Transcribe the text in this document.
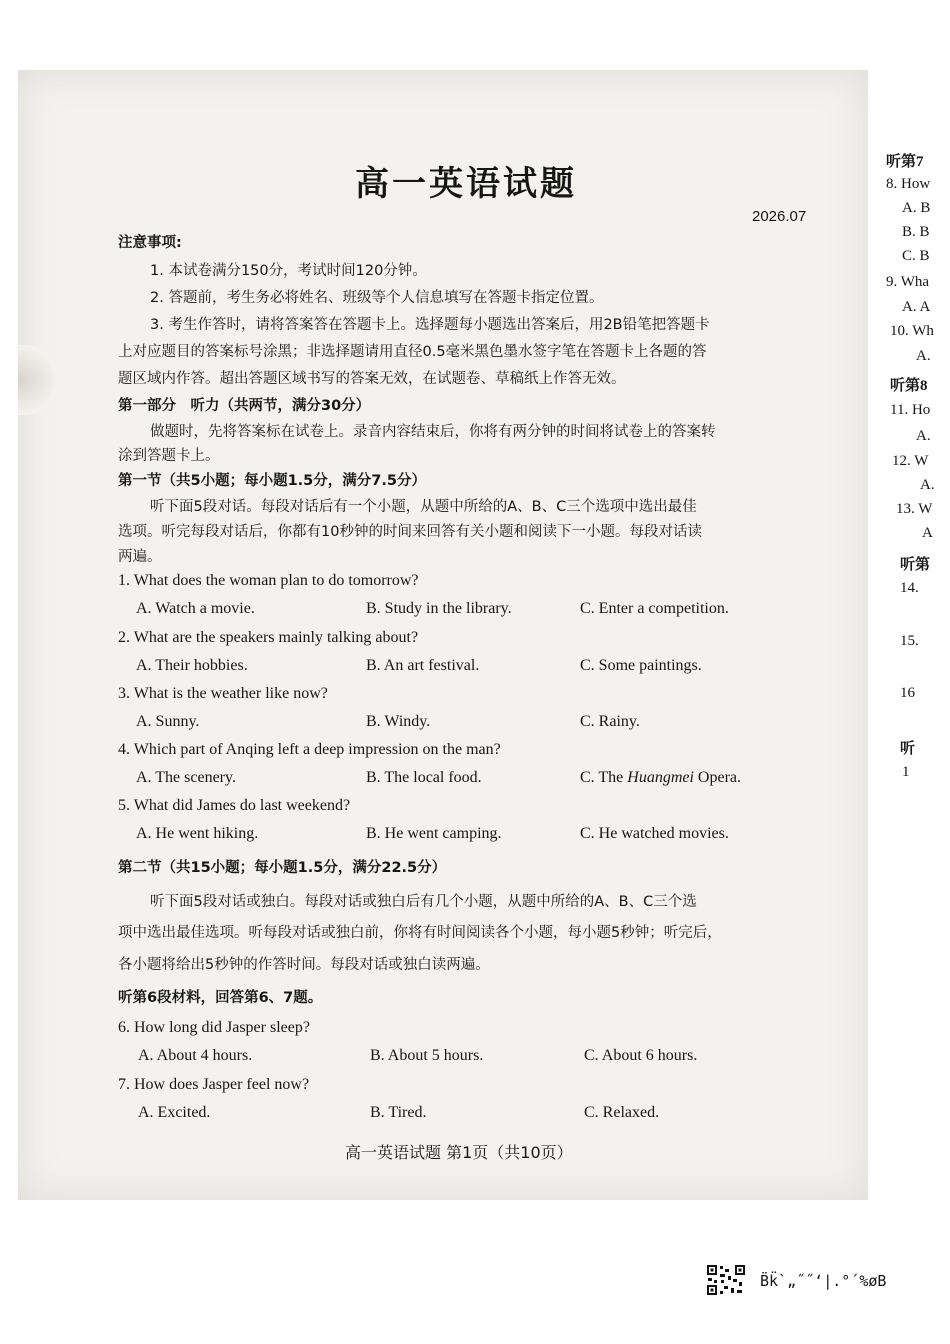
高一英语试题
2026.07
注意事项:
1. 本试卷满分150分，考试时间120分钟。
2. 答题前，考生务必将姓名、班级等个人信息填写在答题卡指定位置。
3. 考生作答时，请将答案答在答题卡上。选择题每小题选出答案后，用2B铅笔把答题卡
上对应题目的答案标号涂黑；非选择题请用直径0.5毫米黑色墨水签字笔在答题卡上各题的答
题区域内作答。超出答题区域书写的答案无效，在试题卷、草稿纸上作答无效。
第一部分　听力（共两节，满分30分）
做题时，先将答案标在试卷上。录音内容结束后，你将有两分钟的时间将试卷上的答案转
涂到答题卡上。
第一节（共5小题；每小题1.5分，满分7.5分）
听下面5段对话。每段对话后有一个小题，从题中所给的A、B、C三个选项中选出最佳
选项。听完每段对话后，你都有10秒钟的时间来回答有关小题和阅读下一小题。每段对话读
两遍。
1. What does the woman plan to do tomorrow?
A. Watch a movie.	B. Study in the library.	C. Enter a competition.
2. What are the speakers mainly talking about?
A. Their hobbies.	B. An art festival.	C. Some paintings.
3. What is the weather like now?
A. Sunny.	B. Windy.	C. Rainy.
4. Which part of Anqing left a deep impression on the man?
A. The scenery.	B. The local food.	C. The Huangmei Opera.
5. What did James do last weekend?
A. He went hiking.	B. He went camping.	C. He watched movies.
第二节（共15小题；每小题1.5分，满分22.5分）
听下面5段对话或独白。每段对话或独白后有几个小题，从题中所给的A、B、C三个选
项中选出最佳选项。听每段对话或独白前，你将有时间阅读各个小题，每小题5秒钟；听完后，
各小题将给出5秒钟的作答时间。每段对话或独白读两遍。
听第6段材料，回答第6、7题。
6. How long did Jasper sleep?
A. About 4 hours.	B. About 5 hours.	C. About 6 hours.
7. How does Jasper feel now?
A. Excited.	B. Tired.	C. Relaxed.
高一英语试题 第1页（共10页）
听第7
8. How
A. B
B. B
C. B
9. Wha
A. A
10. Wh
A.
听第8
11. Ho
A.
12. W
A.
13. W
A
听第
14.
15.
16
听
1
B̈k̈`„˝˝‘|.°´%øB
